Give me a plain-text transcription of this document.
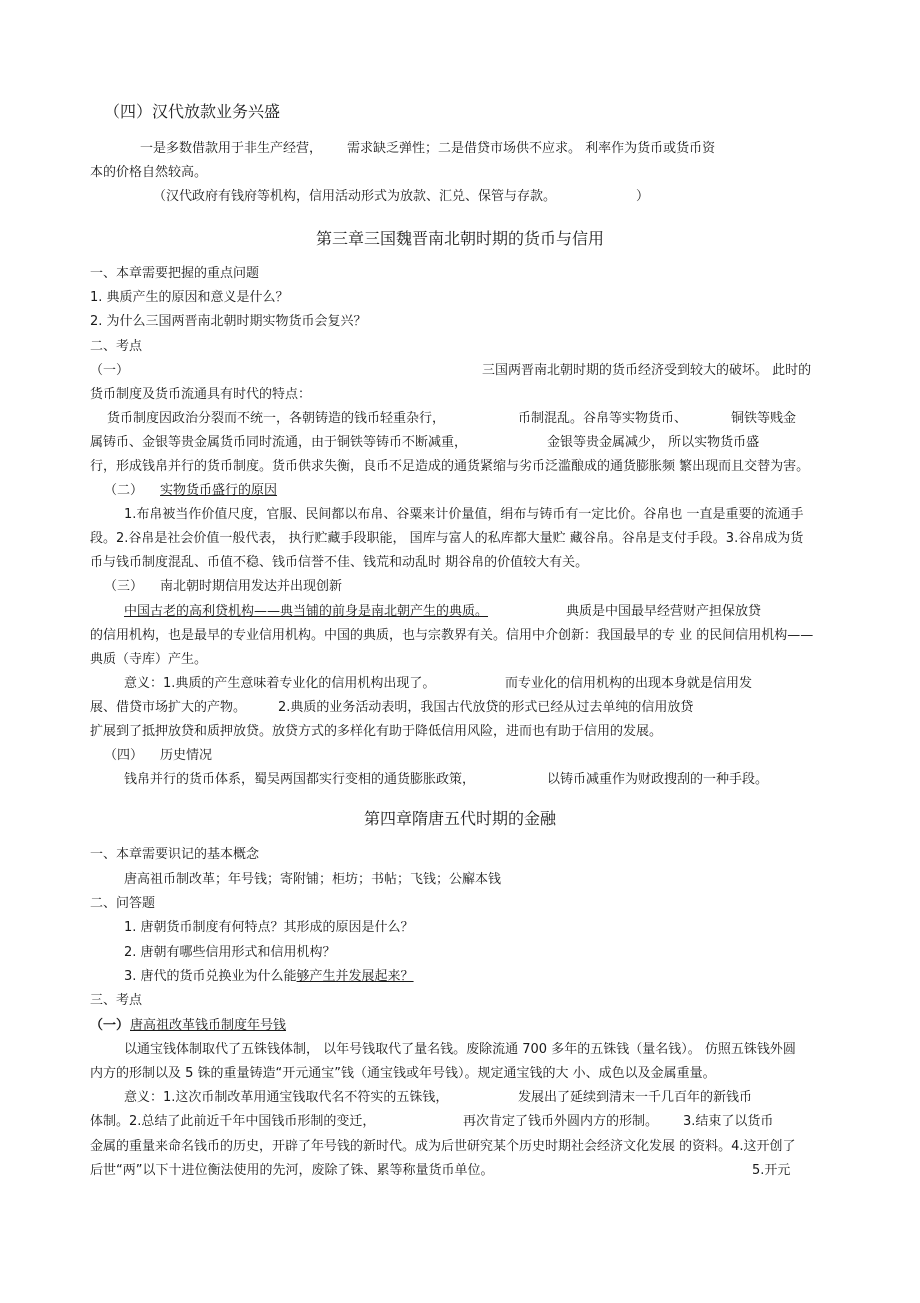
（四）汉代放款业务兴盛
一是多数借款用于非生产经营， 需求缺乏弹性；二是借贷市场供不应求。 利率作为货币或货币资
本的价格自然较高。
（汉代政府有钱府等机构，信用活动形式为放款、汇兑、保管与存款。	）
第三章三国魏晋南北朝时期的货币与信用
一、本章需要把握的重点问题
1. 典质产生的原因和意义是什么？
2. 为什么三国两晋南北朝时期实物货币会复兴？
二、考点
（一）	三国两晋南北朝时期的货币经济受到较大的破坏。 此时的
货币制度及货币流通具有时代的特点：
货币制度因政治分裂而不统一，各朝铸造的钱币轻重杂行，	币制混乱。谷帛等实物货币、	铜铁等贱金
属铸币、金银等贵金属货币同时流通，由于铜铁等铸币不断减重，	金银等贵金属减少， 所以实物货币盛
行，形成钱帛并行的货币制度。货币供求失衡，良币不足造成的通货紧缩与劣币泛滥酿成的通货膨胀频 繁出现而且交替为害。
（二） 实物货币盛行的原因
1.布帛被当作价值尺度，官服、民间都以布帛、谷粟来计价量值，绢布与铸币有一定比价。谷帛也 一直是重要的流通手
段。2.谷帛是社会价值一般代表， 执行贮藏手段职能， 国库与富人的私库都大量贮 藏谷帛。谷帛是支付手段。3.谷帛成为货
币与钱币制度混乱、币值不稳、钱币信誉不佳、钱荒和动乱时 期谷帛的价值较大有关。
（三） 南北朝时期信用发达并出现创新
中国古老的高利贷机构——典当铺的前身是南北朝产生的典质。	典质是中国最早经营财产担保放贷
的信用机构，也是最早的专业信用机构。中国的典质，也与宗教界有关。信用中介创新：我国最早的专 业 的民间信用机构——
典质（寺库）产生。
意义：1.典质的产生意味着专业化的信用机构出现了。	而专业化的信用机构的出现本身就是信用发
展、借贷市场扩大的产物。 2.典质的业务活动表明，我国古代放贷的形式已经从过去单纯的信用放贷
扩展到了抵押放贷和质押放贷。放贷方式的多样化有助于降低信用风险，进而也有助于信用的发展。
（四） 历史情况
钱帛并行的货币体系，蜀吴两国都实行变相的通货膨胀政策，	以铸币减重作为财政搜刮的一种手段。
第四章隋唐五代时期的金融
一、本章需要识记的基本概念
唐高祖币制改革；年号钱；寄附铺；柜坊；书帖；飞钱；公廨本钱
二、问答题
1. 唐朝货币制度有何特点？其形成的原因是什么？
2. 唐朝有哪些信用形式和信用机构？
3. 唐代的货币兑换业为什么能够产生并发展起来？
三、考点
（一） 唐高祖改革钱币制度年号钱
以通宝钱体制取代了五铢钱体制， 以年号钱取代了量名钱。废除流通 700 多年的五铢钱（量名钱）。 仿照五铢钱外圆
内方的形制以及 5 铢的重量铸造“开元通宝”钱（通宝钱或年号钱）。规定通宝钱的大 小、成色以及金属重量。
意义：1.这次币制改革用通宝钱取代名不符实的五铢钱，	发展出了延续到清末一千几百年的新钱币
体制。2.总结了此前近千年中国钱币形制的变迁，	再次肯定了钱币外圆内方的形制。 3.结束了以货币
金属的重量来命名钱币的历史，开辟了年号钱的新时代。成为后世研究某个历史时期社会经济文化发展 的资料。4.这开创了
后世“两”以下十进位衡法使用的先河，废除了铢、累等称量货币单位。	5.开元
